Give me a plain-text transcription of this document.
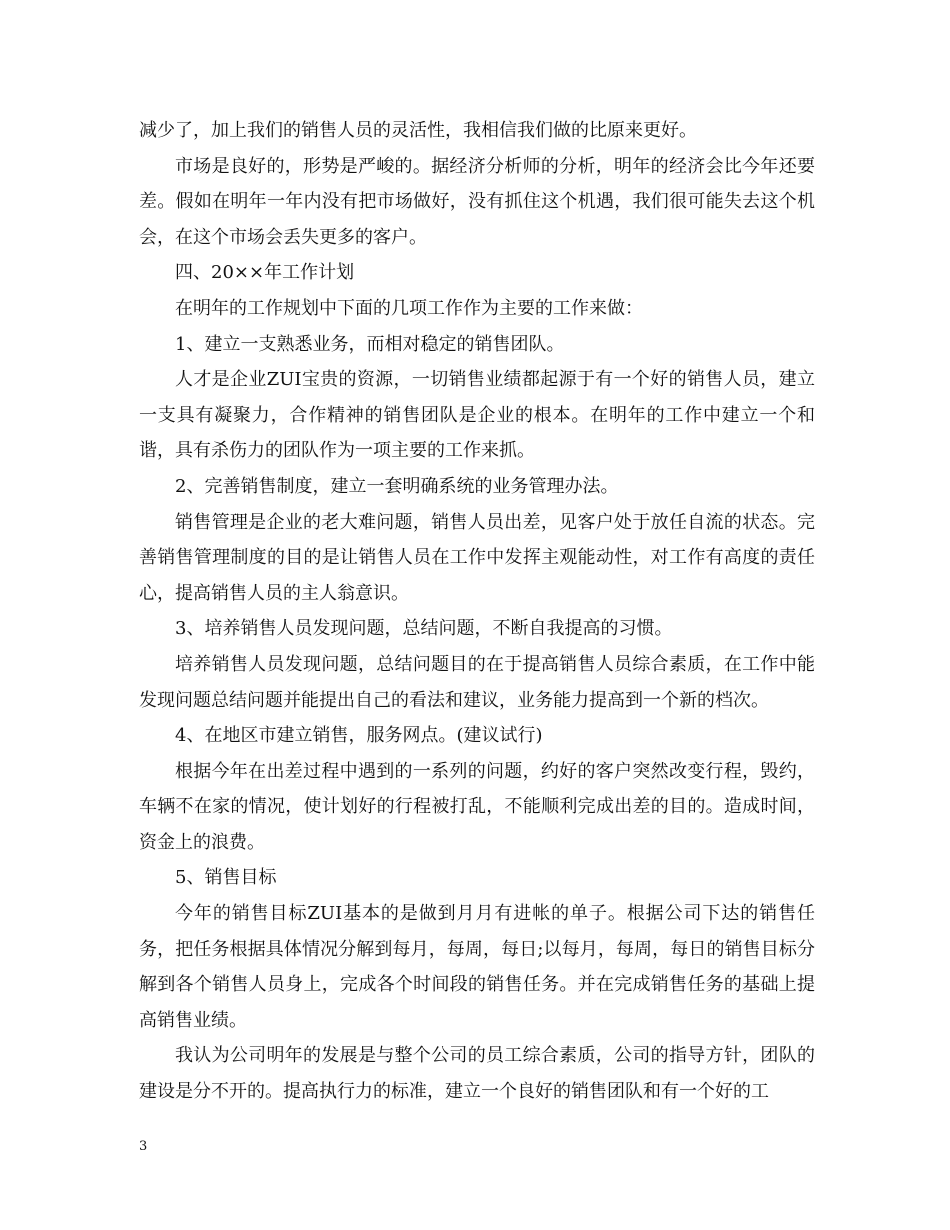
减少了，加上我们的销售人员的灵活性，我相信我们做的比原来更好。

市场是良好的，形势是严峻的。据经济分析师的分析，明年的经济会比今年还要差。假如在明年一年内没有把市场做好，没有抓住这个机遇，我们很可能失去这个机会，在这个市场会丢失更多的客户。

四、20××年工作计划

在明年的工作规划中下面的几项工作作为主要的工作来做：

1、建立一支熟悉业务，而相对稳定的销售团队。

人才是企业ZUI宝贵的资源，一切销售业绩都起源于有一个好的销售人员，建立一支具有凝聚力，合作精神的销售团队是企业的根本。在明年的工作中建立一个和谐，具有杀伤力的团队作为一项主要的工作来抓。

2、完善销售制度，建立一套明确系统的业务管理办法。

销售管理是企业的老大难问题，销售人员出差，见客户处于放任自流的状态。完善销售管理制度的目的是让销售人员在工作中发挥主观能动性，对工作有高度的责任心，提高销售人员的主人翁意识。

3、培养销售人员发现问题，总结问题，不断自我提高的习惯。

培养销售人员发现问题，总结问题目的在于提高销售人员综合素质，在工作中能发现问题总结问题并能提出自己的看法和建议，业务能力提高到一个新的档次。

4、在地区市建立销售，服务网点。(建议试行)

根据今年在出差过程中遇到的一系列的问题，约好的客户突然改变行程，毁约，车辆不在家的情况，使计划好的行程被打乱，不能顺利完成出差的目的。造成时间，资金上的浪费。

5、销售目标

今年的销售目标ZUI基本的是做到月月有进帐的单子。根据公司下达的销售任务，把任务根据具体情况分解到每月，每周，每日;以每月，每周，每日的销售目标分解到各个销售人员身上，完成各个时间段的销售任务。并在完成销售任务的基础上提高销售业绩。

我认为公司明年的发展是与整个公司的员工综合素质，公司的指导方针，团队的建设是分不开的。提高执行力的标准，建立一个良好的销售团队和有一个好的工

3
